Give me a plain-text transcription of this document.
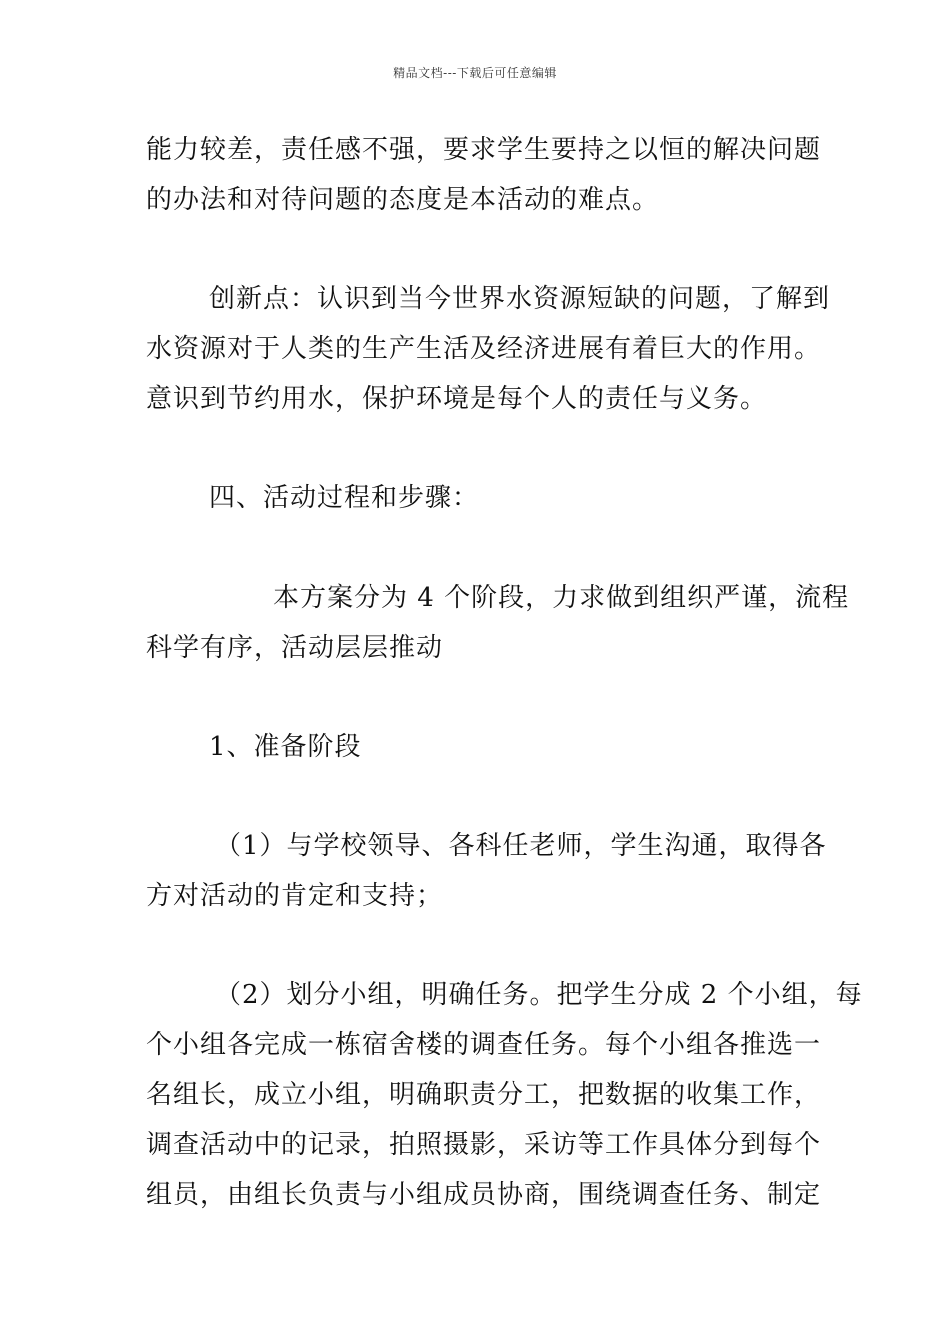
精品文档---下载后可任意编辑
能力较差，责任感不强，要求学生要持之以恒的解决问题
的办法和对待问题的态度是本活动的难点。
创新点：认识到当今世界水资源短缺的问题，了解到
水资源对于人类的生产生活及经济进展有着巨大的作用。
意识到节约用水，保护环境是每个人的责任与义务。
四、活动过程和步骤：
本方案分为 4 个阶段，力求做到组织严谨，流程
科学有序，活动层层推动
1、准备阶段
（1）与学校领导、各科任老师，学生沟通，取得各
方对活动的肯定和支持；
（2）划分小组，明确任务。把学生分成 2 个小组，每
个小组各完成一栋宿舍楼的调查任务。每个小组各推选一
名组长，成立小组，明确职责分工，把数据的收集工作，
调查活动中的记录，拍照摄影，采访等工作具体分到每个
组员，由组长负责与小组成员协商，围绕调查任务、制定
